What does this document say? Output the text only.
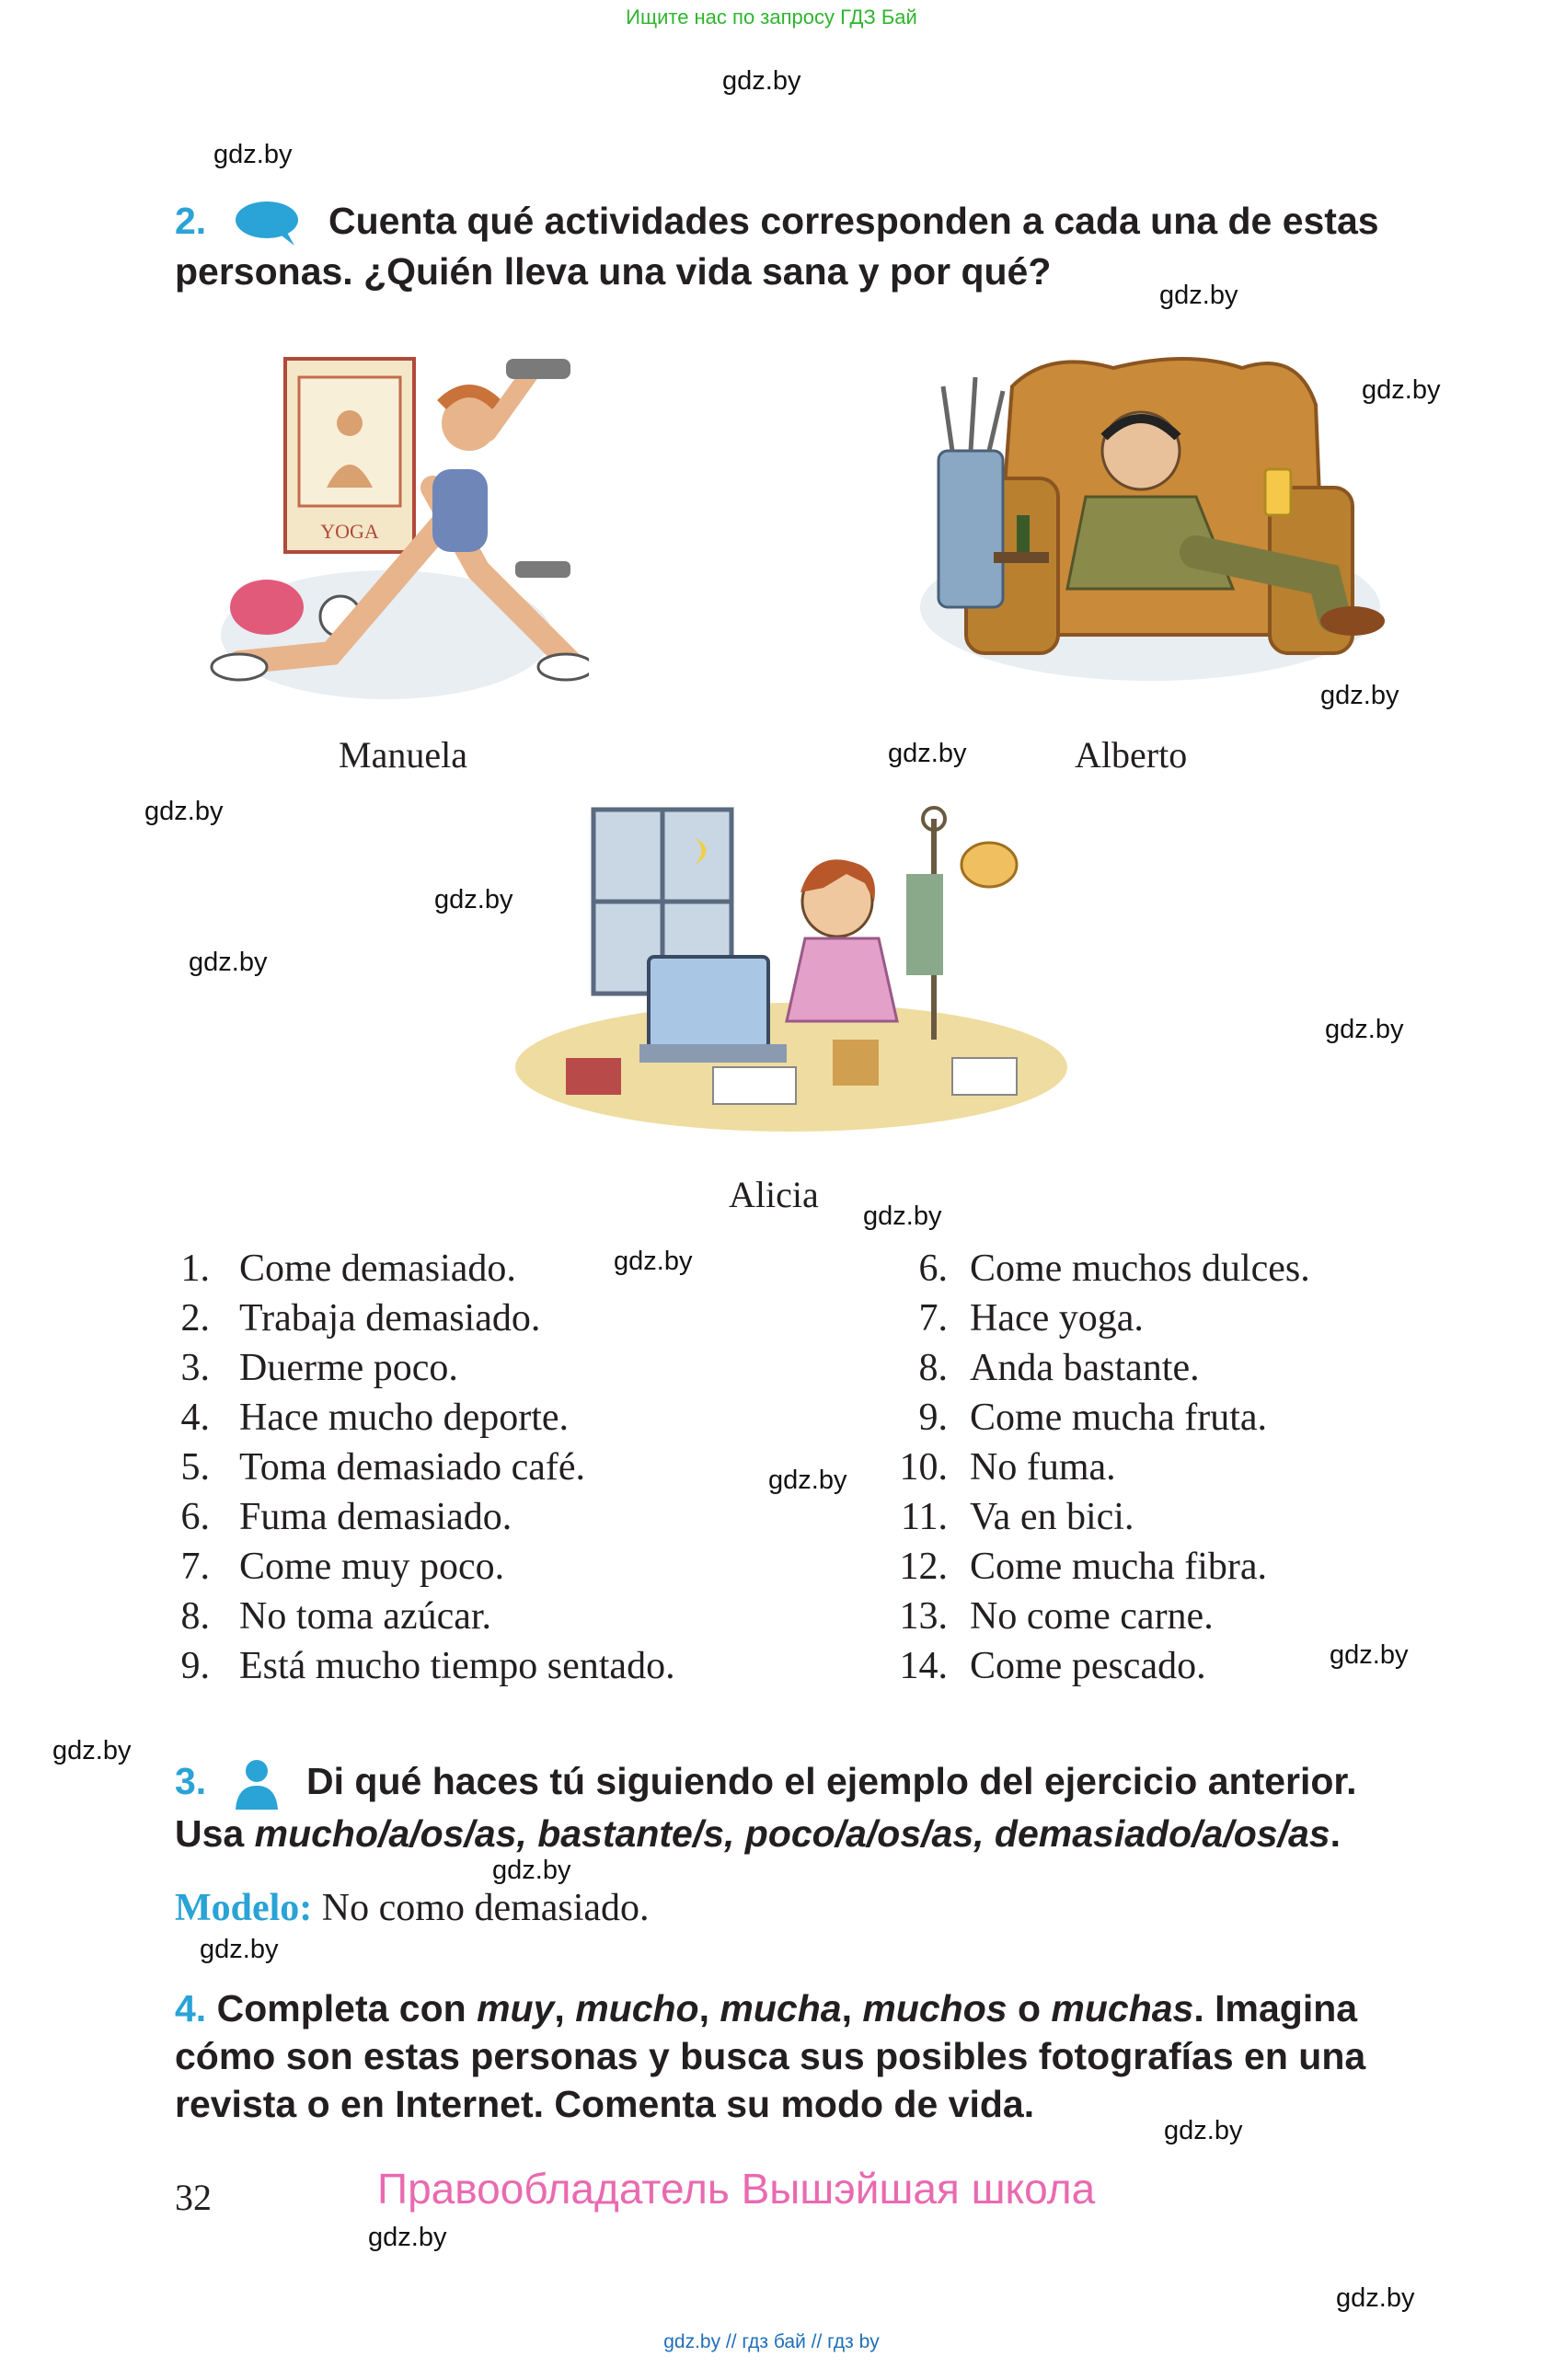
Ищите нас по запросу ГДЗ Бай
gdz.by
gdz.by
gdz.by
gdz.by
gdz.by
gdz.by
gdz.by
gdz.by
gdz.by
gdz.by
gdz.by
gdz.by
gdz.by
gdz.by
gdz.by
gdz.by
gdz.by
gdz.by
gdz.by
gdz.by
2.	Cuenta qué actividades corresponden a cada una de estas personas. ¿Quién lleva una vida sana y por qué?
YOGA
Manuela	Alberto
Alicia
1. Come demasiado.
2. Trabaja demasiado.
3. Duerme poco.
4. Hace mucho deporte.
5. Toma demasiado café.
6. Fuma demasiado.
7. Come muy poco.
8. No toma azúcar.
9. Está mucho tiempo sentado.
6. Come muchos dulces.
7. Hace yoga.
8. Anda bastante.
9. Come mucha fruta.
10. No fuma.
11. Va en bici.
12. Come mucha fibra.
13. No come carne.
14. Come pescado.
3.	Di qué haces tú siguiendo el ejemplo del ejercicio anterior.
Usa mucho/a/os/as, bastante/s, poco/a/os/as, demasiado/a/os/as.
Modelo: No como demasiado.
4. Completa con muy, mucho, mucha, muchos o muchas. Imagina cómo son estas personas y busca sus posibles fotografías en una revista o en Internet. Comenta su modo de vida.
32	Правообладатель Вышэйшая школа
gdz.by // гдз бай // гдз by
